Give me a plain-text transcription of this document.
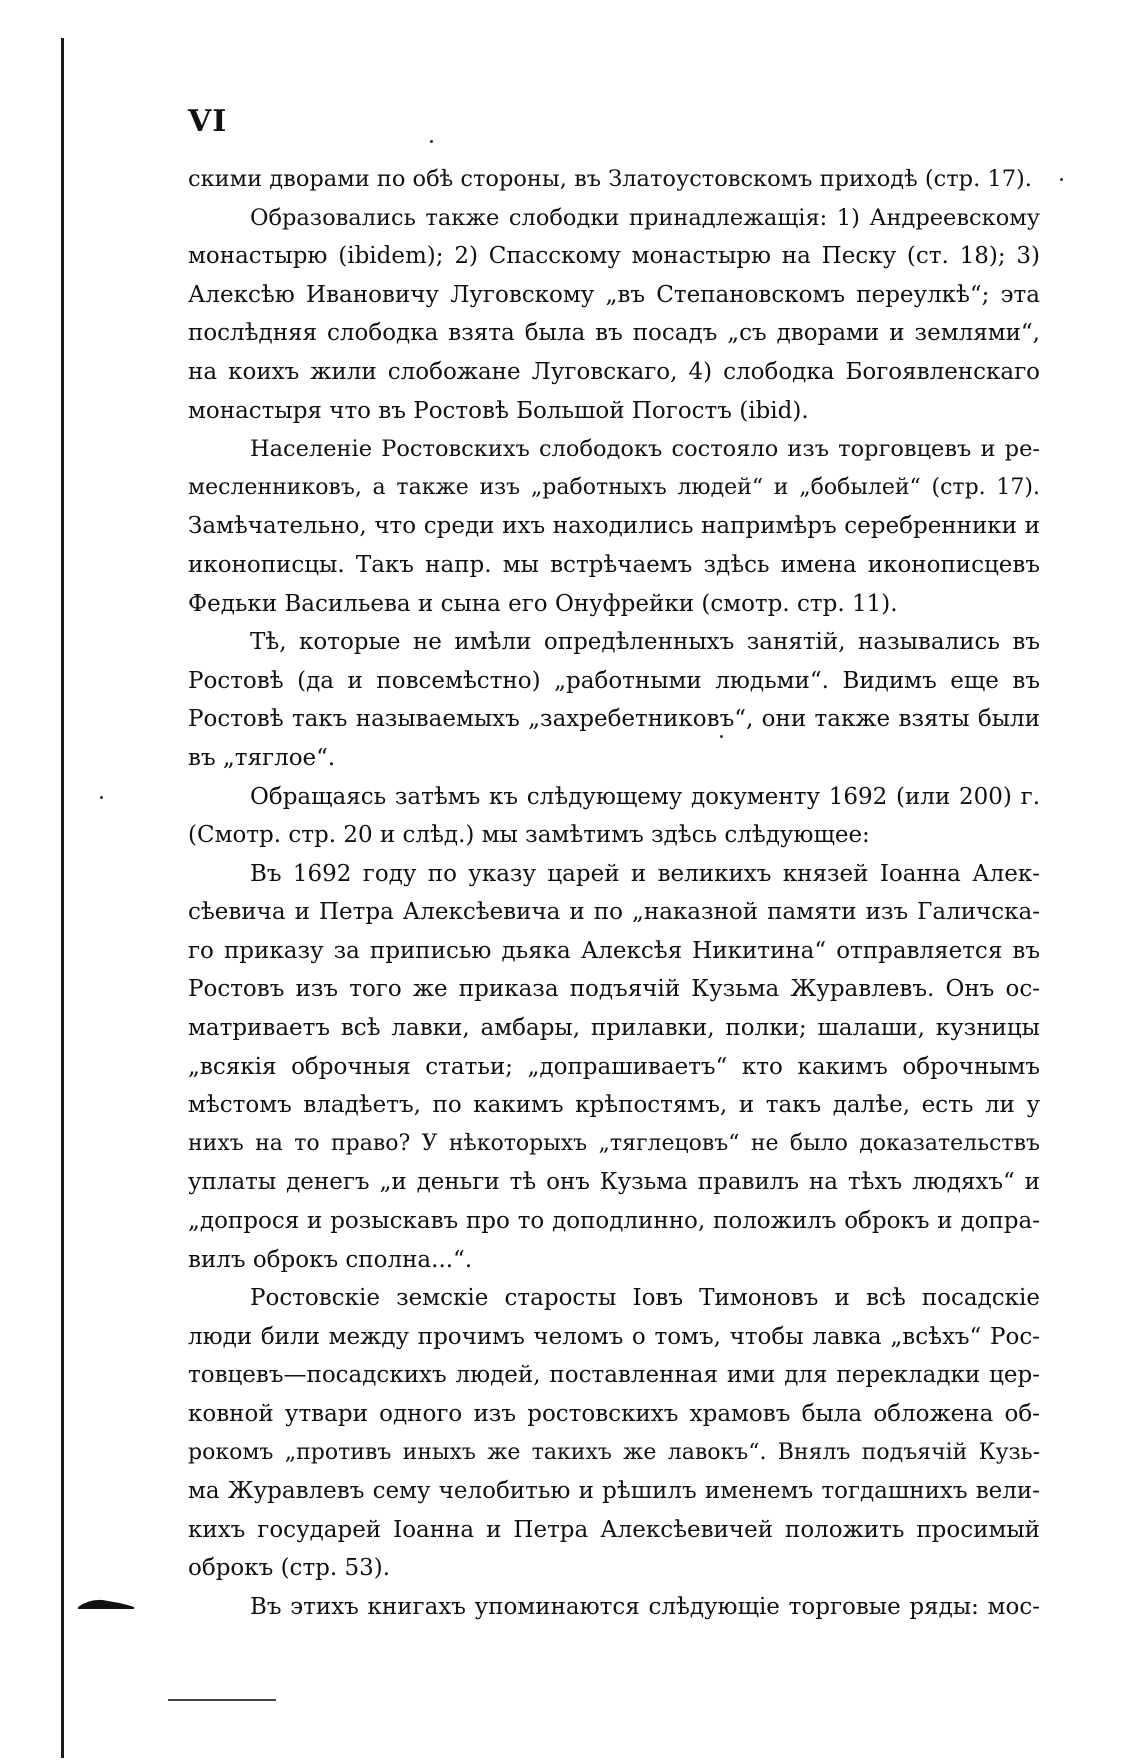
VI
скими дворами по обѣ стороны, въ Златоустовскомъ приходѣ (стр. 17).
Образовались также слободки принадлежащія: 1) Андреевскому
монастырю (ibidem); 2) Спасскому монастырю на Песку (ст. 18); 3)
Алексѣю Ивановичу Луговскому „въ Степановскомъ переулкѣ“; эта
послѣдняя слободка взята была въ посадъ „съ дворами и землями“,
на коихъ жили слобожане Луговскаго, 4) слободка Богоявленскаго
монастыря что въ Ростовѣ Большой Погостъ (ibid).
Населеніе Ростовскихъ слободокъ состояло изъ торговцевъ и ре-
месленниковъ, а также изъ „работныхъ людей“ и „бобылей“ (стр. 17).
Замѣчательно, что среди ихъ находились напримѣръ серебренники и
иконописцы. Такъ напр. мы встрѣчаемъ здѣсь имена иконописцевъ
Федьки Васильева и сына его Онуфрейки (смотр. стр. 11).
Тѣ, которые не имѣли опредѣленныхъ занятій, назывались въ
Ростовѣ (да и повсемѣстно) „работными людьми“. Видимъ еще въ
Ростовѣ такъ называемыхъ „захребетниковъ“, они также взяты были
въ „тяглое“.
Обращаясь затѣмъ къ слѣдующему документу 1692 (или 200) г.
(Смотр. стр. 20 и слѣд.) мы замѣтимъ здѣсь слѣдующее:
Въ 1692 году по указу царей и великихъ князей Іоанна Алек-
сѣевича и Петра Алексѣевича и по „наказной памяти изъ Галичска-
го приказу за приписью дьяка Алексѣя Никитина“ отправляется въ
Ростовъ изъ того же приказа подъячій Кузьма Журавлевъ. Онъ ос-
матриваетъ всѣ лавки, амбары, прилавки, полки; шалаши, кузницы
„всякія оброчныя статьи; „допрашиваетъ“ кто какимъ оброчнымъ
мѣстомъ владѣетъ, по какимъ крѣпостямъ, и такъ далѣе, есть ли у
нихъ на то право? У нѣкоторыхъ „тяглецовъ“ не было доказательствъ
уплаты денегъ „и деньги тѣ онъ Кузьма правилъ на тѣхъ людяхъ“ и
„допрося и розыскавъ про то доподлинно, положилъ оброкъ и допра-
вилъ оброкъ сполна...“.
Ростовскіе земскіе старосты Іовъ Тимоновъ и всѣ посадскіе
люди били между прочимъ челомъ о томъ, чтобы лавка „всѣхъ“ Рос-
товцевъ—посадскихъ людей, поставленная ими для перекладки цер-
ковной утвари одного изъ ростовскихъ храмовъ была обложена об-
рокомъ „противъ иныхъ же такихъ же лавокъ“. Внялъ подъячій Кузь-
ма Журавлевъ сему челобитью и рѣшилъ именемъ тогдашнихъ вели-
кихъ государей Іоанна и Петра Алексѣевичей положить просимый
оброкъ (стр. 53).
Въ этихъ книгахъ упоминаются слѣдующіе торговые ряды: мос-
